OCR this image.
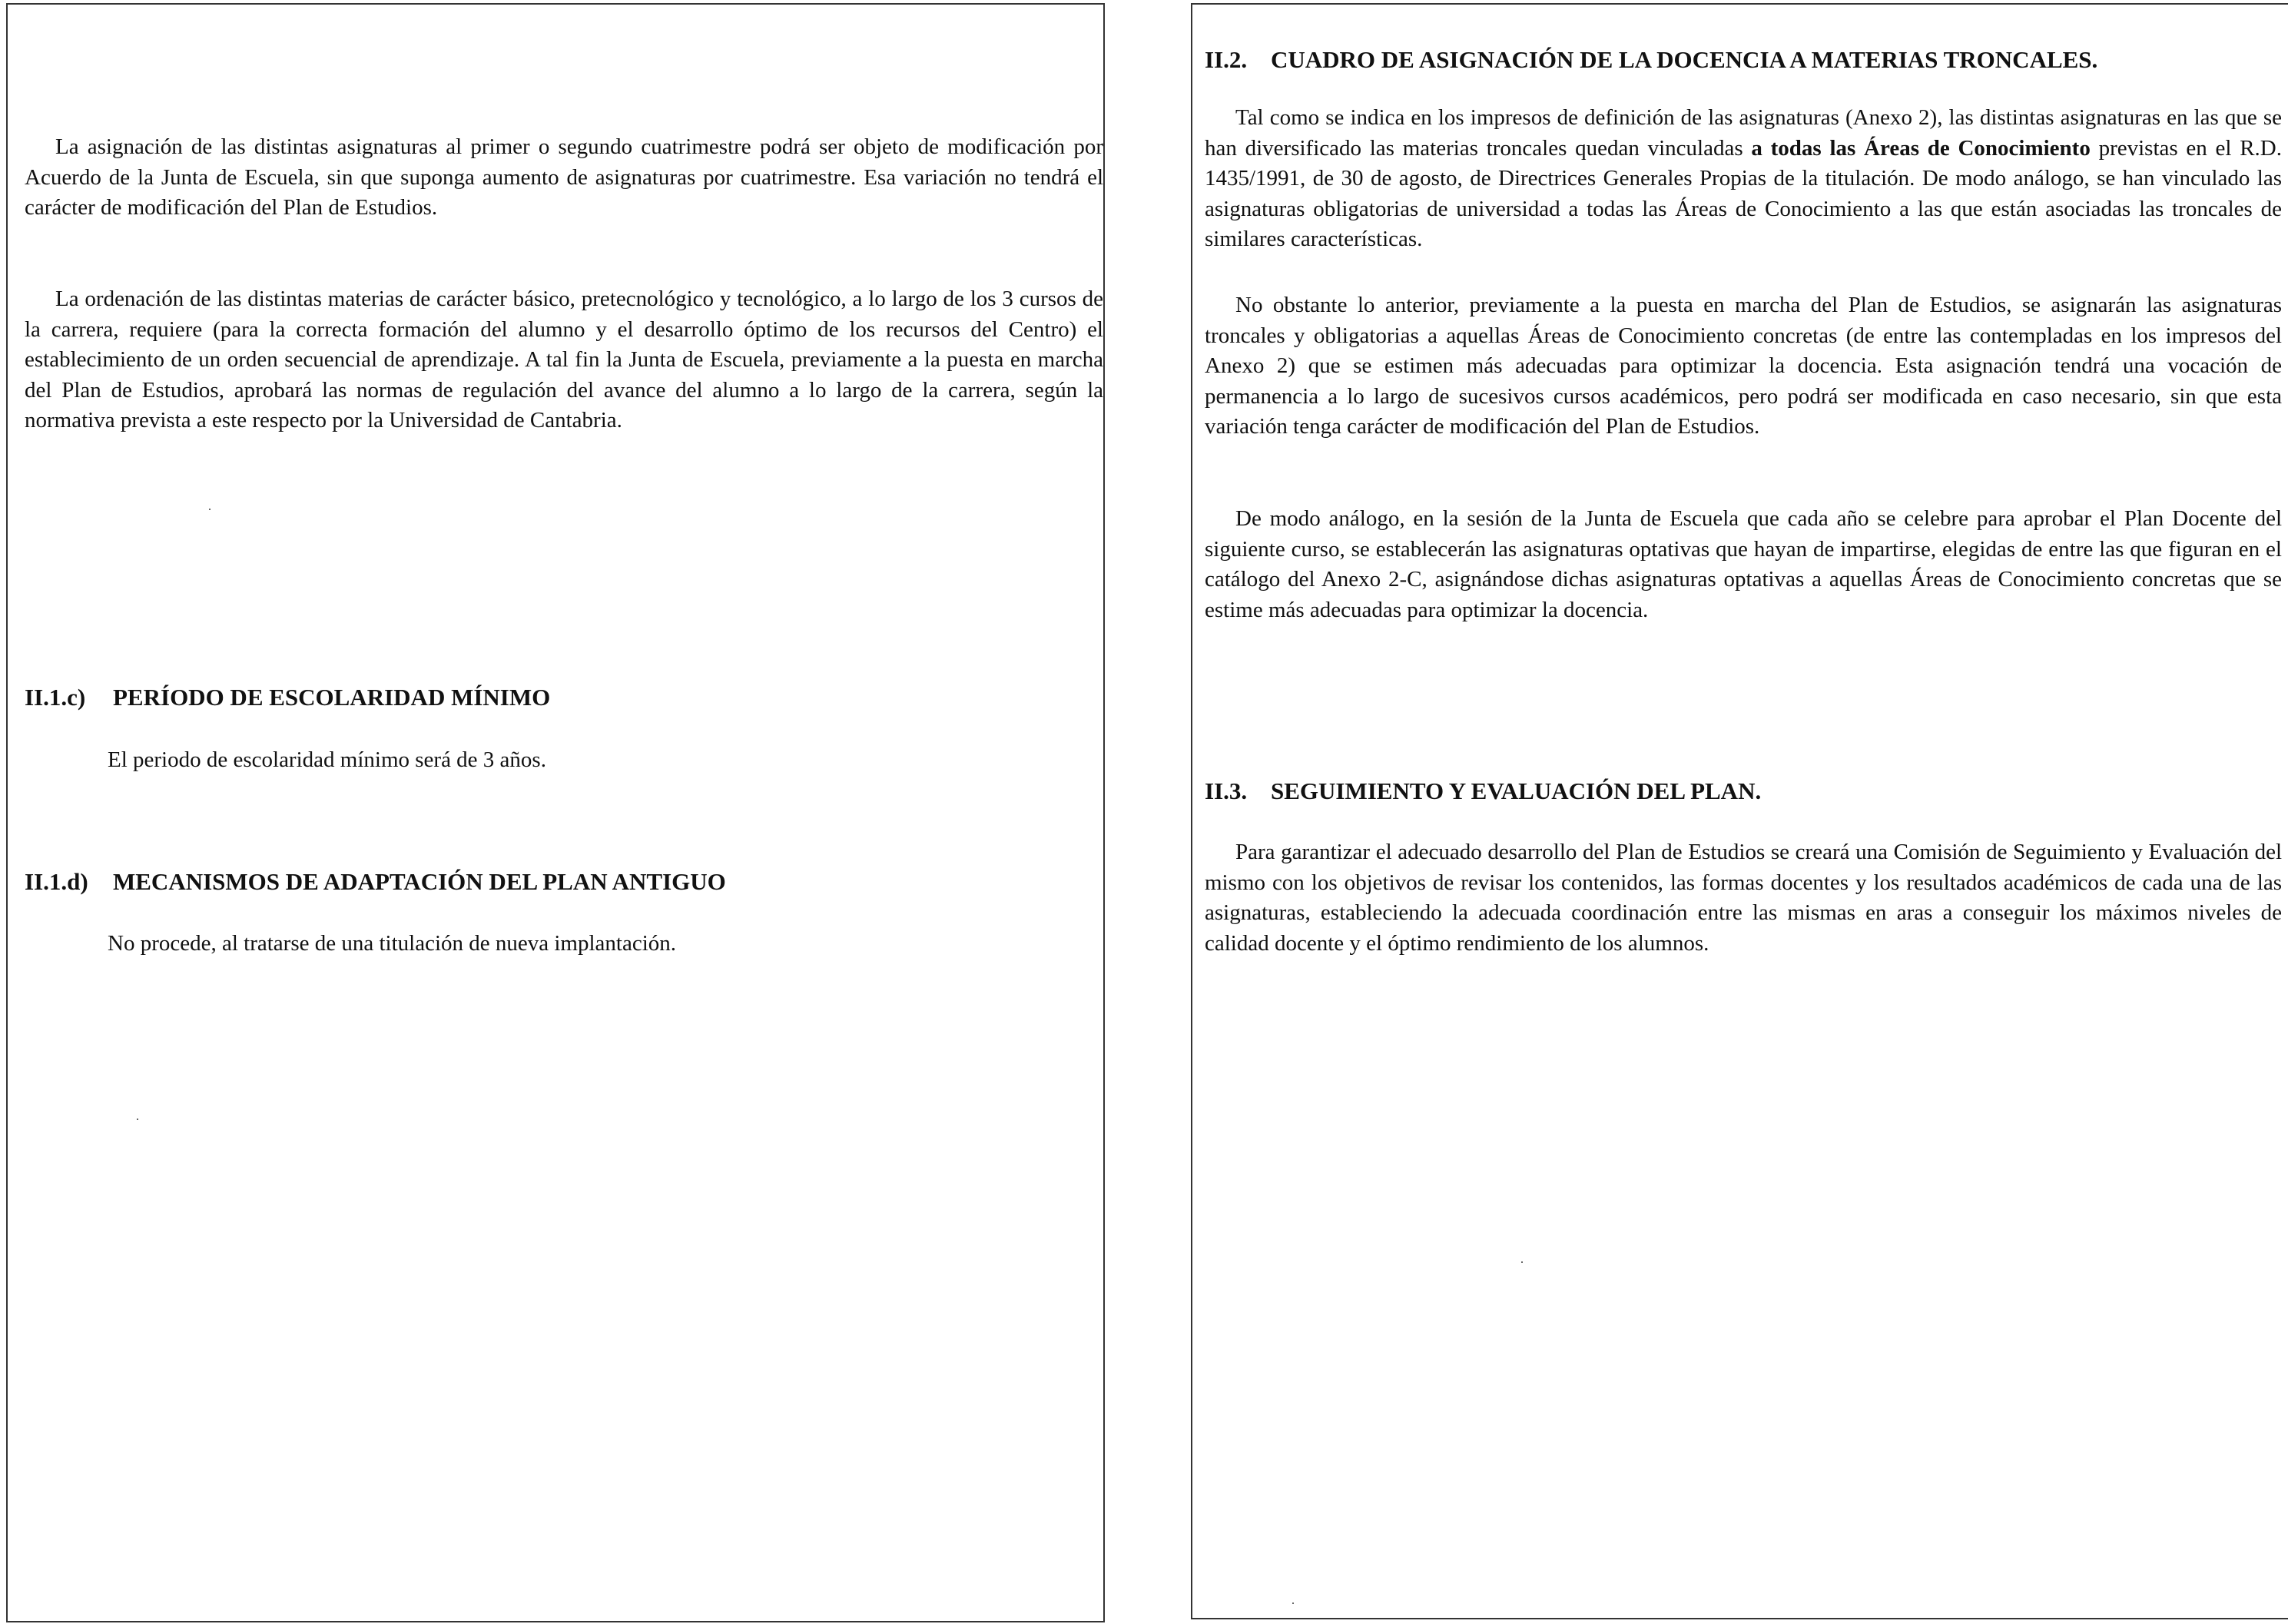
La asignación de las distintas asignaturas al primer o segundo cuatrimestre podrá ser objeto de modificación por Acuerdo de la Junta de Escuela, sin que suponga aumento de asignaturas por cuatrimestre. Esa variación no tendrá el carácter de modificación del Plan de Estudios.

La ordenación de las distintas materias de carácter básico, pretecnológico y tecnológico, a lo largo de los 3 cursos de la carrera, requiere (para la correcta formación del alumno y el desarrollo óptimo de los recursos del Centro) el establecimiento de un orden secuencial de aprendizaje. A tal fin la Junta de Escuela, previamente a la puesta en marcha del Plan de Estudios, aprobará las normas de regulación del avance del alumno a lo largo de la carrera, según la normativa prevista a este respecto por la Universidad de Cantabria.

II.1.c) PERÍODO DE ESCOLARIDAD MÍNIMO

El periodo de escolaridad mínimo será de 3 años.

II.1.d) MECANISMOS DE ADAPTACIÓN DEL PLAN ANTIGUO

No procede, al tratarse de una titulación de nueva implantación.

II.2. CUADRO DE ASIGNACIÓN DE LA DOCENCIA A MATERIAS TRONCALES.

Tal como se indica en los impresos de definición de las asignaturas (Anexo 2), las distintas asignaturas en las que se han diversificado las materias troncales quedan vinculadas a todas las Áreas de Conocimiento previstas en el R.D. 1435/1991, de 30 de agosto, de Directrices Generales Propias de la titulación. De modo análogo, se han vinculado las asignaturas obligatorias de universidad a todas las Áreas de Conocimiento a las que están asociadas las troncales de similares características.

No obstante lo anterior, previamente a la puesta en marcha del Plan de Estudios, se asignarán las asignaturas troncales y obligatorias a aquellas Áreas de Conocimiento concretas (de entre las contempladas en los impresos del Anexo 2) que se estimen más adecuadas para optimizar la docencia. Esta asignación tendrá una vocación de permanencia a lo largo de sucesivos cursos académicos, pero podrá ser modificada en caso necesario, sin que esta variación tenga carácter de modificación del Plan de Estudios.

De modo análogo, en la sesión de la Junta de Escuela que cada año se celebre para aprobar el Plan Docente del siguiente curso, se establecerán las asignaturas optativas que hayan de impartirse, elegidas de entre las que figuran en el catálogo del Anexo 2-C, asignándose dichas asignaturas optativas a aquellas Áreas de Conocimiento concretas que se estime más adecuadas para optimizar la docencia.

II.3. SEGUIMIENTO Y EVALUACIÓN DEL PLAN.

Para garantizar el adecuado desarrollo del Plan de Estudios se creará una Comisión de Seguimiento y Evaluación del mismo con los objetivos de revisar los contenidos, las formas docentes y los resultados académicos de cada una de las asignaturas, estableciendo la adecuada coordinación entre las mismas en aras a conseguir los máximos niveles de calidad docente y el óptimo rendimiento de los alumnos.
